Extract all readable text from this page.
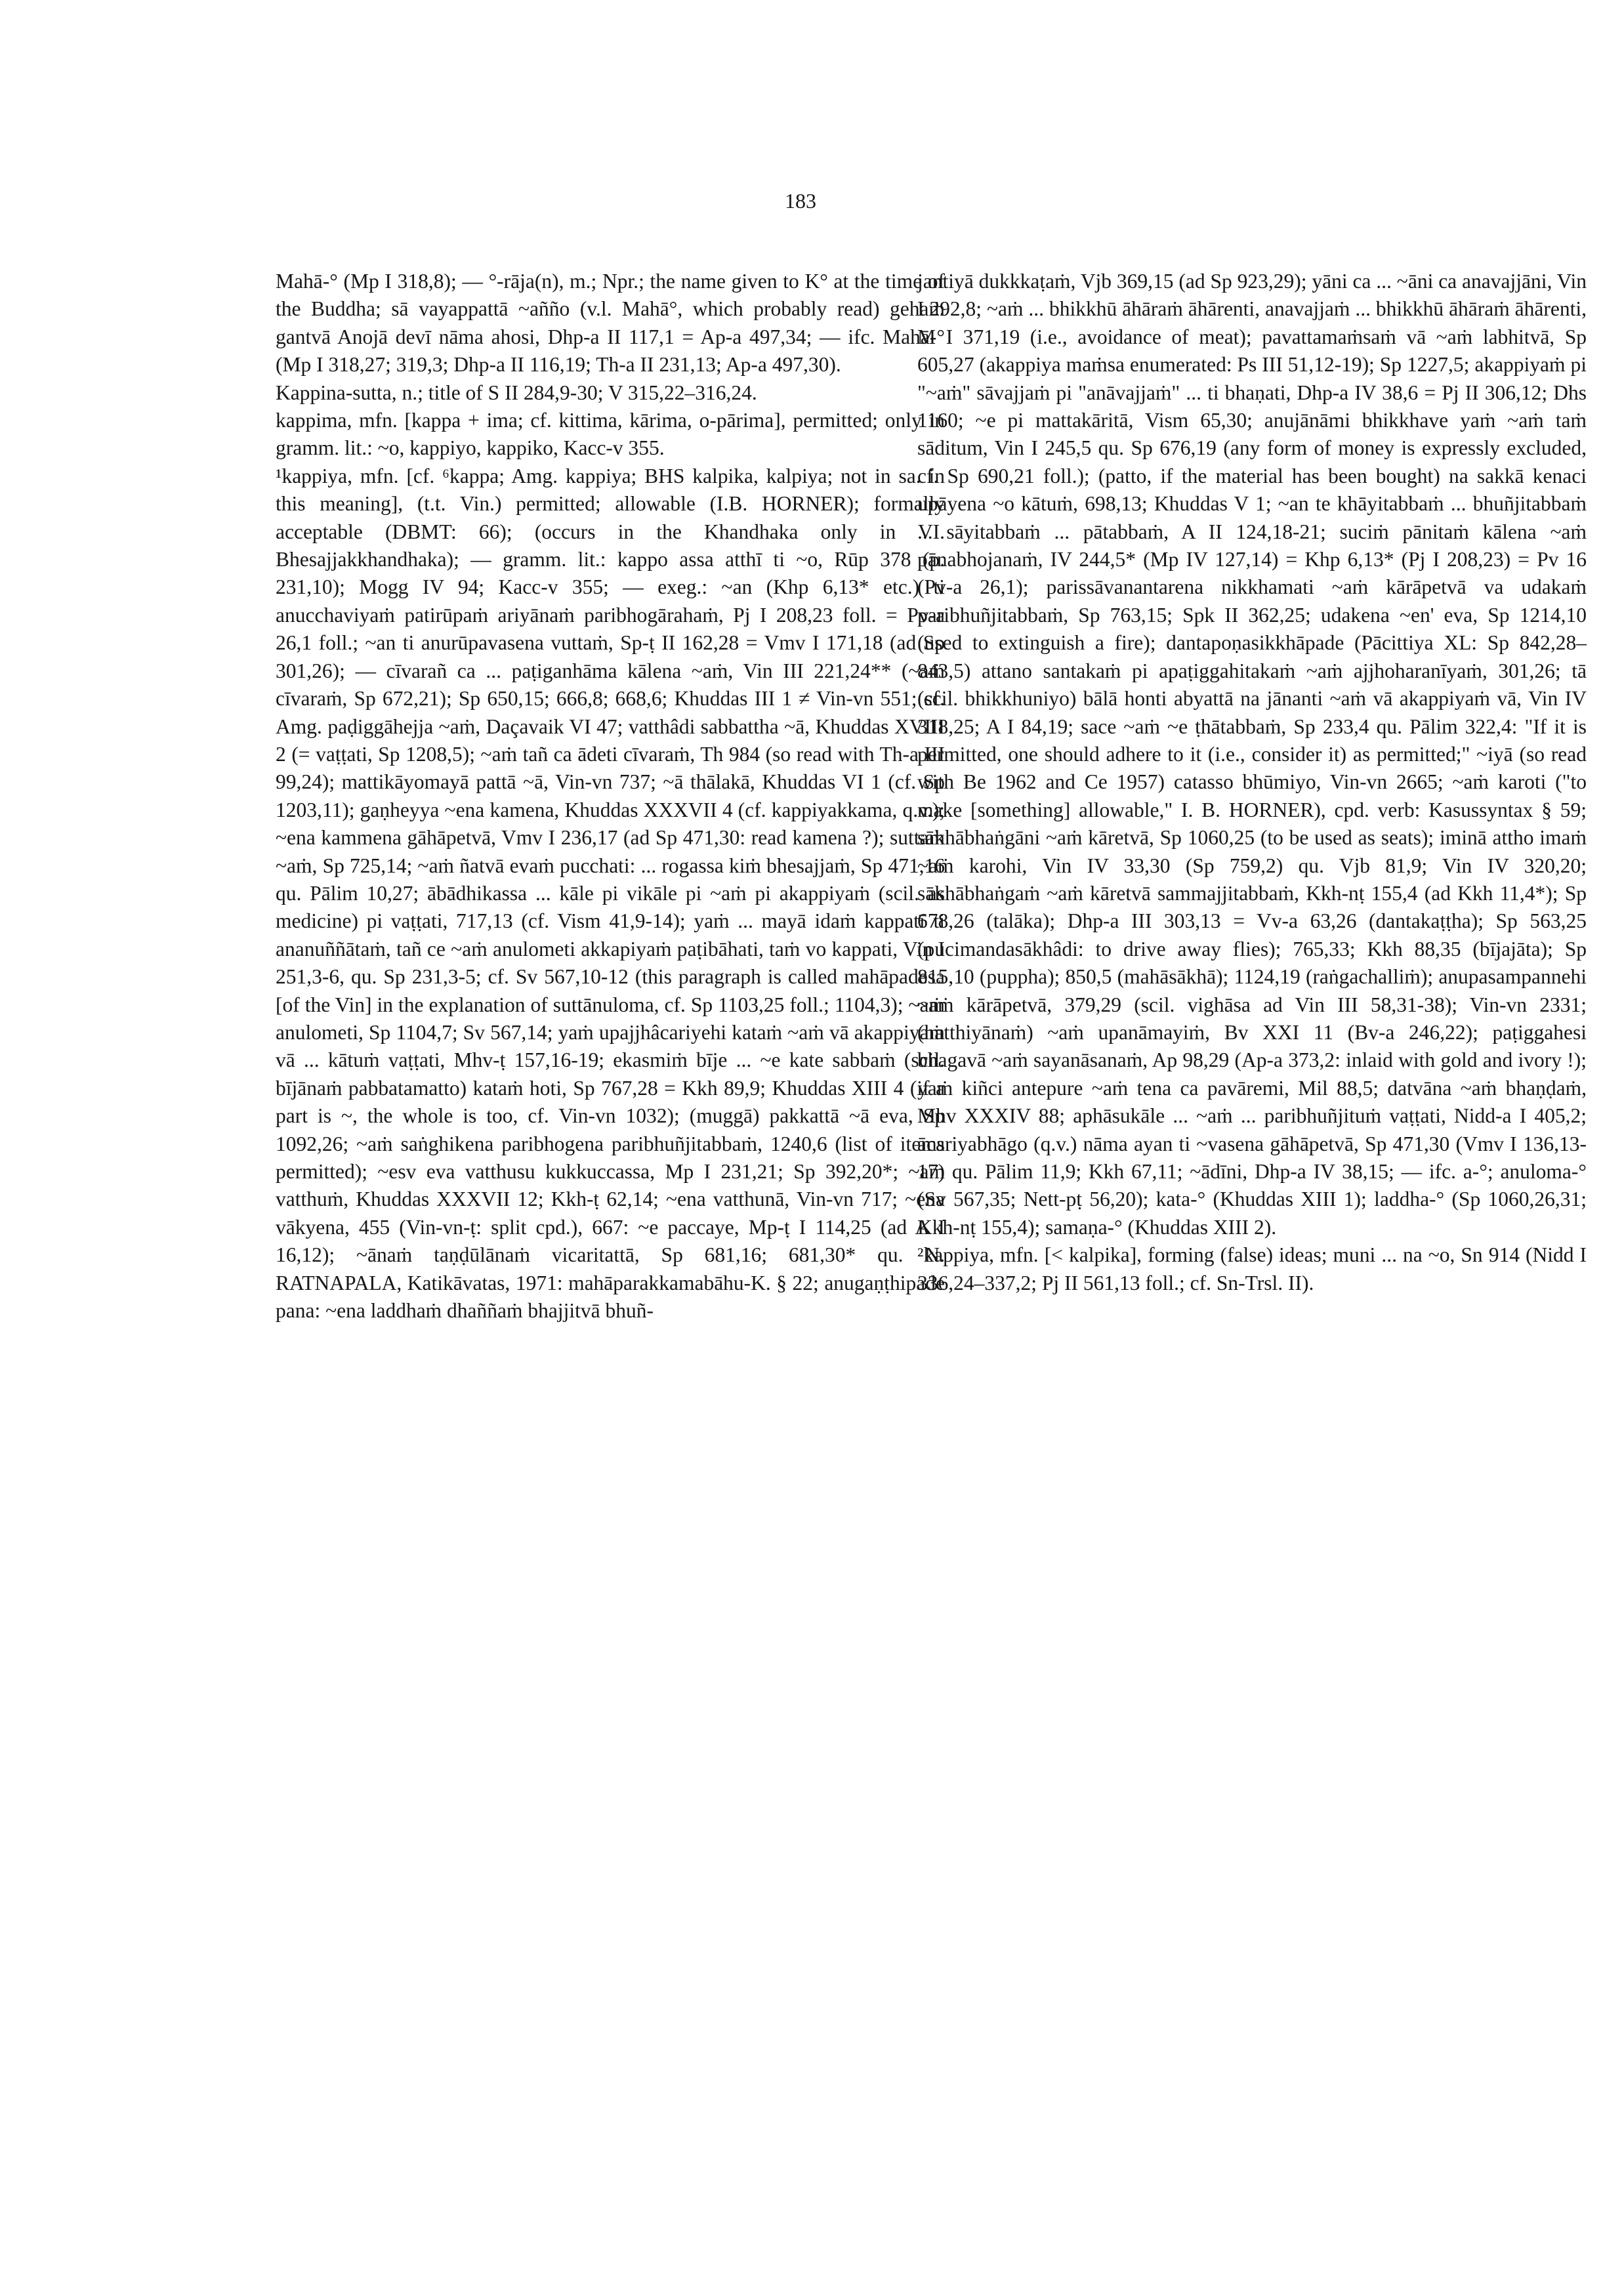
183

Mahā-° (Mp I 318,8); — °-rāja(n), m.; Npr.; the name given to K° at the time of the Buddha; sā vayappattā ~añño (v.l. Mahā°, which probably read) gehaṁ gantvā Anojā devī nāma ahosi, Dhp-a II 117,1 = Ap-a 497,34; — ifc. Mahā-° (Mp I 318,27; 319,3; Dhp-a II 116,19; Th-a II 231,13; Ap-a 497,30).

Kappina-sutta, n.; title of S II 284,9-30; V 315,22–316,24.

kappima, mfn. [kappa + ima; cf. kittima, kārima, o-pārima], permitted; only in gramm. lit.: ~o, kappiyo, kappiko, Kacc-v 355.

¹kappiya, mfn. [cf. ⁶kappa; Amg. kappiya; BHS kalpika, kalpiya; not in sa. in this meaning], (t.t. Vin.) permitted; allowable (I.B. HORNER); formally acceptable (DBMT: 66); (occurs in the Khandhaka only in VI. Bhesajjakkhandhaka); — gramm. lit.: kappo assa atthī ti ~o, Rūp 378 (p. 231,10); Mogg IV 94; Kacc-v 355; — exeg.: ~an (Khp 6,13* etc.) ti anucchaviyaṁ patirūpaṁ ariyānaṁ paribhogārahaṁ, Pj I 208,23 foll. = Pv-a 26,1 foll.; ~an ti anurūpavasena vuttaṁ, Sp-ṭ II 162,28 = Vmv I 171,18 (ad Sp 301,26); — cīvarañ ca ... paṭiganhāma kālena ~aṁ, Vin III 221,24** (~aṁ cīvaraṁ, Sp 672,21); Sp 650,15; 666,8; 668,6; Khuddas III 1 ≠ Vin-vn 551; cf. Amg. paḍiggāhejja ~aṁ, Daçavaik VI 47; vatthâdi sabbattha ~ā, Khuddas XVIII 2 (= vaṭṭati, Sp 1208,5); ~aṁ tañ ca ādeti cīvaraṁ, Th 984 (so read with Th-a III 99,24); mattikāyomayā pattā ~ā, Vin-vn 737; ~ā thālakā, Khuddas VI 1 (cf. Sp 1203,11); gaṇheyya ~ena kamena, Khuddas XXXVII 4 (cf. kappiyakkama, q.v.); ~ena kammena gāhāpetvā, Vmv I 236,17 (ad Sp 471,30: read kamena ?); suttaṁ ~aṁ, Sp 725,14; ~aṁ ñatvā evaṁ pucchati: ... rogassa kiṁ bhesajjaṁ, Sp 471,16 qu. Pālim 10,27; ābādhikassa ... kāle pi vikāle pi ~aṁ pi akappiyaṁ (scil. as medicine) pi vaṭṭati, 717,13 (cf. Vism 41,9-14); yaṁ ... mayā idaṁ kappatī ti ananuññātaṁ, tañ ce ~aṁ anulometi akkapiyaṁ paṭibāhati, taṁ vo kappati, Vin I 251,3-6, qu. Sp 231,3-5; cf. Sv 567,10-12 (this paragraph is called mahāpadesa [of the Vin] in the explanation of suttānuloma, cf. Sp 1103,25 foll.; 1104,3); ~aṁ anulometi, Sp 1104,7; Sv 567,14; yaṁ upajjhâcariyehi kataṁ ~aṁ vā akappiyaṁ vā ... kātuṁ vaṭṭati, Mhv-ṭ 157,16-19; ekasmiṁ bīje ... ~e kate sabbaṁ (scil. bījānaṁ pabbatamatto) kataṁ hoti, Sp 767,28 = Kkh 89,9; Khuddas XIII 4 (if a part is ~, the whole is too, cf. Vin-vn 1032); (muggā) pakkattā ~ā eva, Sp 1092,26; ~aṁ saṅghikena paribhogena paribhuñjitabbaṁ, 1240,6 (list of items permitted); ~esv eva vatthusu kukkuccassa, Mp I 231,21; Sp 392,20*; ~aṁ vatthuṁ, Khuddas XXXVII 12; Kkh-ṭ 62,14; ~ena vatthunā, Vin-vn 717; ~ena vākyena, 455 (Vin-vn-ṭ: split cpd.), 667: ~e paccaye, Mp-ṭ I 114,25 (ad A I 16,12); ~ānaṁ taṇḍūlānaṁ vicaritattā, Sp 681,16; 681,30* qu. N. RATNAPALA, Katikāvatas, 1971: mahāparakkamabāhu-K. § 22; anugaṇṭhipade pana: ~ena laddhaṁ dhaññaṁ bhajjitvā bhuñ-

jantiyā dukkkaṭaṁ, Vjb 369,15 (ad Sp 923,29); yāni ca ... ~āni ca anavajjāni, Vin I 292,8; ~aṁ ... bhikkhū āhāraṁ āhārenti, anavajjaṁ ... bhikkhū āhāraṁ āhārenti, M I 371,19 (i.e., avoidance of meat); pavattamaṁsaṁ vā ~aṁ labhitvā, Sp 605,27 (akappiya maṁsa enumerated: Ps III 51,12-19); Sp 1227,5; akappiyaṁ pi "~aṁ" sāvajjaṁ pi "anāvajjaṁ" ... ti bhaṇati, Dhp-a IV 38,6 = Pj II 306,12; Dhs 1160; ~e pi mattakāritā, Vism 65,30; anujānāmi bhikkhave yaṁ ~aṁ taṁ sāditum, Vin I 245,5 qu. Sp 676,19 (any form of money is expressly excluded, cf. Sp 690,21 foll.); (patto, if the material has been bought) na sakkā kenaci upāyena ~o kātuṁ, 698,13; Khuddas V 1; ~an te khāyitabbaṁ ... bhuñjitabbaṁ ... sāyitabbaṁ ... pātabbaṁ, A II 124,18-21; suciṁ pānitaṁ kālena ~aṁ pānabhojanaṁ, IV 244,5* (Mp IV 127,14) = Khp 6,13* (Pj I 208,23) = Pv 16 (Pv-a 26,1); parissāvanantarena nikkhamati ~aṁ kārāpetvā va udakaṁ paribhuñjitabbaṁ, Sp 763,15; Spk II 362,25; udakena ~en' eva, Sp 1214,10 (used to extinguish a fire); dantapoṇasikkhāpade (Pācittiya XL: Sp 842,28–843,5) attano santakaṁ pi apaṭiggahitakaṁ ~aṁ ajjhoharanīyaṁ, 301,26; tā (scil. bhikkhuniyo) bālā honti abyattā na jānanti ~aṁ vā akappiyaṁ vā, Vin IV 318,25; A I 84,19; sace ~aṁ ~e ṭhātabbaṁ, Sp 233,4 qu. Pālim 322,4: "If it is permitted, one should adhere to it (i.e., consider it) as permitted;" ~iyā (so read with Be 1962 and Ce 1957) catasso bhūmiyo, Vin-vn 2665; ~aṁ karoti ("to make [something] allowable," I. B. HORNER), cpd. verb: Kasussyntax § 59; sākhābhaṅgāni ~aṁ kāretvā, Sp 1060,25 (to be used as seats); iminā attho imaṁ ~aṁ karohi, Vin IV 33,30 (Sp 759,2) qu. Vjb 81,9; Vin IV 320,20; sākhābhaṅgaṁ ~aṁ kāretvā sammajjitabbaṁ, Kkh-nṭ 155,4 (ad Kkh 11,4*); Sp 678,26 (talāka); Dhp-a III 303,13 = Vv-a 63,26 (dantakaṭṭha); Sp 563,25 (pucimandasākhâdi: to drive away flies); 765,33; Kkh 88,35 (bījajāta); Sp 815,10 (puppha); 850,5 (mahāsākhā); 1124,19 (raṅgachalliṁ); anupasampannehi ~aṁ kārāpetvā, 379,29 (scil. vighāsa ad Vin III 58,31-38); Vin-vn 2331; (hatthiyānaṁ) ~aṁ upanāmayiṁ, Bv XXI 11 (Bv-a 246,22); paṭiggahesi bhagavā ~aṁ sayanāsanaṁ, Ap 98,29 (Ap-a 373,2: inlaid with gold and ivory !); yaṁ kiñci antepure ~aṁ tena ca pavāremi, Mil 88,5; datvāna ~aṁ bhaṇḍaṁ, Mhv XXXIV 88; aphāsukāle ... ~aṁ ... paribhuñjituṁ vaṭṭati, Nidd-a I 405,2; ācariyabhāgo (q.v.) nāma ayan ti ~vasena gāhāpetvā, Sp 471,30 (Vmv I 136,13-17) qu. Pālim 11,9; Kkh 67,11; ~ādīni, Dhp-a IV 38,15; — ifc. a-°; anuloma-° (Sv 567,35; Nett-pṭ 56,20); kata-° (Khuddas XIII 1); laddha-° (Sp 1060,26,31; Kkh-nṭ 155,4); samaṇa-° (Khuddas XIII 2).

²kappiya, mfn. [< kalpika], forming (false) ideas; muni ... na ~o, Sn 914 (Nidd I 336,24–337,2; Pj II 561,13 foll.; cf. Sn-Trsl. II).
